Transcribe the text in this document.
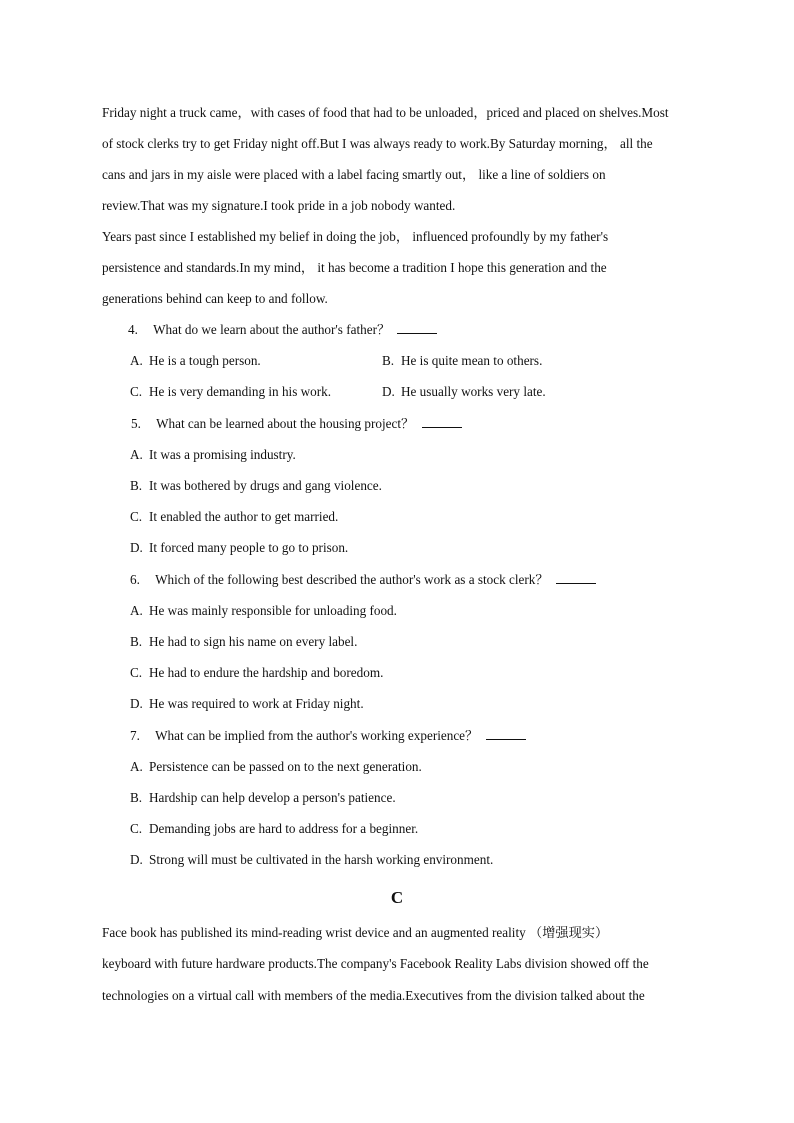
Friday night a truck came，with cases of food that had to be unloaded，priced and placed on shelves.Most
of stock clerks try to get Friday night off.But I was always ready to work.By Saturday morning， all the
cans and jars in my aisle were placed with a label facing smartly out， like a line of soldiers on
review.That was my signature.I took pride in a job nobody wanted.
Years past since I established my belief in doing the job， influenced profoundly by my father's
persistence and standards.In my mind， it has become a tradition I hope this generation and the
generations behind can keep to and follow.
4. What do we learn about the author's father？
A. He is a tough person.	B. He is quite mean to others.
C. He is very demanding in his work.	D. He usually works very late.
5. What can be learned about the housing project？
A. It was a promising industry.
B. It was bothered by drugs and gang violence.
C. It enabled the author to get married.
D. It forced many people to go to prison.
6. Which of the following best described the author's work as a stock clerk？
A. He was mainly responsible for unloading food.
B. He had to sign his name on every label.
C. He had to endure the hardship and boredom.
D. He was required to work at Friday night.
7. What can be implied from the author's working experience？
A. Persistence can be passed on to the next generation.
B. Hardship can help develop a person's patience.
C. Demanding jobs are hard to address for a beginner.
D. Strong will must be cultivated in the harsh working environment.
C
Face book has published its mind-reading wrist device and an augmented reality （增强现实）
keyboard with future hardware products.The company's Facebook Reality Labs division showed off the
technologies on a virtual call with members of the media.Executives from the division talked about the
